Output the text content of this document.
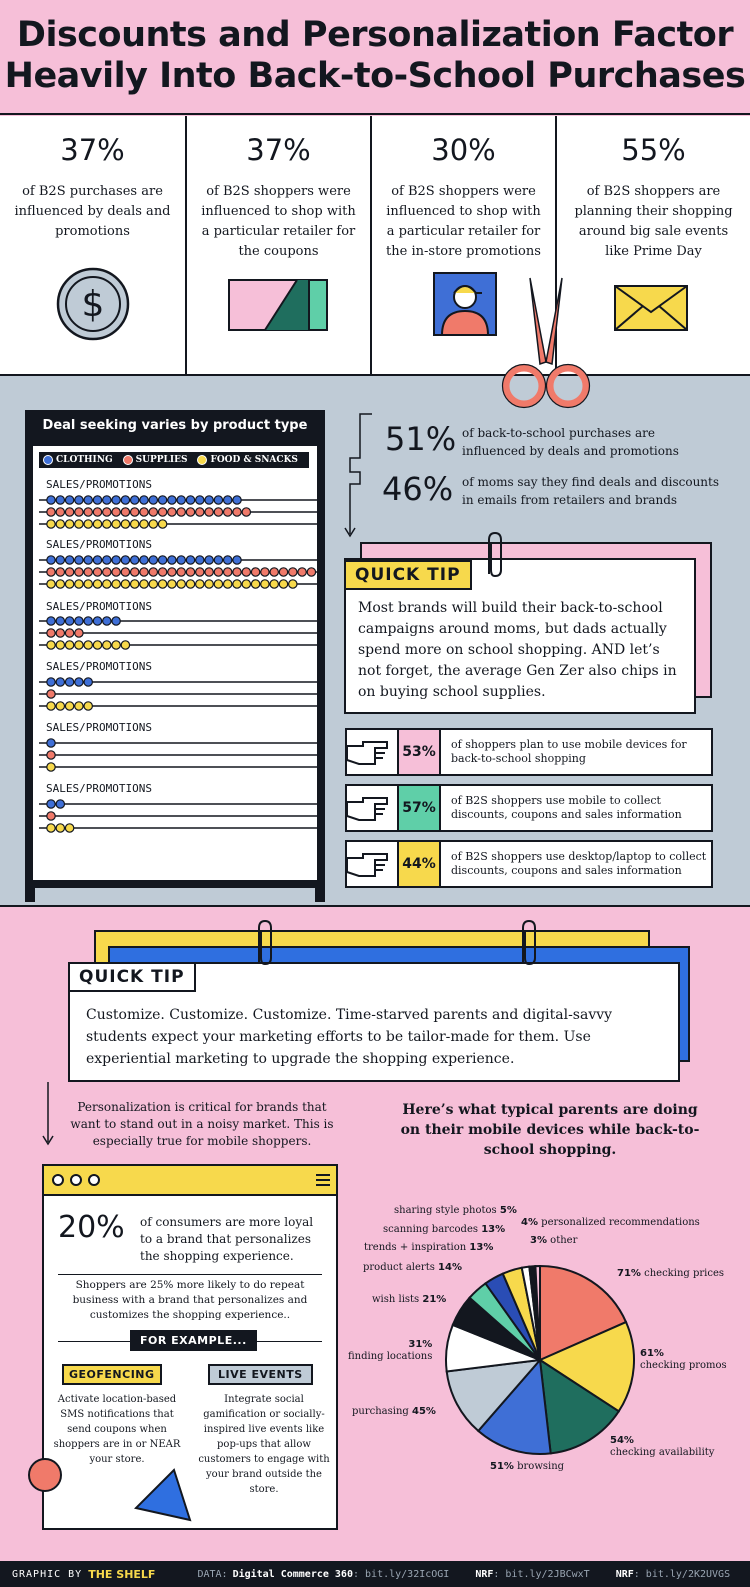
Discounts and Personalization Factor
Heavily Into Back-to-School Purchases
37%
of B2S purchases are influenced by deals and promotions
$
37%
of B2S shoppers were influenced to shop with a particular retailer for the coupons
30%
of B2S shoppers were influenced to shop with a particular retailer for the in-store promotions
55%
of B2S shoppers are planning their shopping around big sale events like Prime Day
Deal seeking varies by product type
CLOTHING	SUPPLIES	FOOD & SNACKS
SALES/PROMOTIONS
SALES/PROMOTIONS
SALES/PROMOTIONS
SALES/PROMOTIONS
SALES/PROMOTIONS
SALES/PROMOTIONS
51% of back-to-school purchases are influenced by deals and promotions
46% of moms say they find deals and discounts in emails from retailers and brands
Most brands will build their back-to-school campaigns around moms, but dads actually spend more on school shopping. AND let’s not forget, the average Gen Zer also chips in on buying school supplies.
QUICK TIP
53%	of shoppers plan to use mobile devices for back-to-school shopping
57%	of B2S shoppers use mobile to collect discounts, coupons and sales information
44%	of B2S shoppers use desktop/laptop to collect discounts, coupons and sales information
Customize. Customize. Customize. Time-starved parents and digital-savvy students expect your marketing efforts to be tailor-made for them. Use experiential marketing to upgrade the shopping experience.
QUICK TIP
Personalization is critical for brands that want to stand out in a noisy market. This is especially true for mobile shoppers.
Here’s what typical parents are doing on their mobile devices while back-to-school shopping.
20% of consumers are more loyal to a brand that personalizes the shopping experience.
Shoppers are 25% more likely to do repeat business with a brand that personalizes and customizes the shopping experience..
FOR EXAMPLE...
GEOFENCING	LIVE EVENTS
Activate location-based SMS notifications that send coupons when shoppers are in or NEAR your store.
Integrate social gamification or socially-inspired live events like pop-ups that allow customers to engage with your brand outside the store.
sharing style photos 5%
scanning barcodes 13%
trends + inspiration 13%
product alerts 14%
wish lists 21%
31%
finding locations
purchasing 45%
51% browsing
54%
checking availability
61%
checking promos
71% checking prices
4% personalized recommendations
3% other
GRAPHIC BY THE SHELF	DATA: Digital Commerce 360 : bit.ly/32IcOGI	NRF : bit.ly/2JBCwxT	NRF : bit.ly/2K2UVGS
